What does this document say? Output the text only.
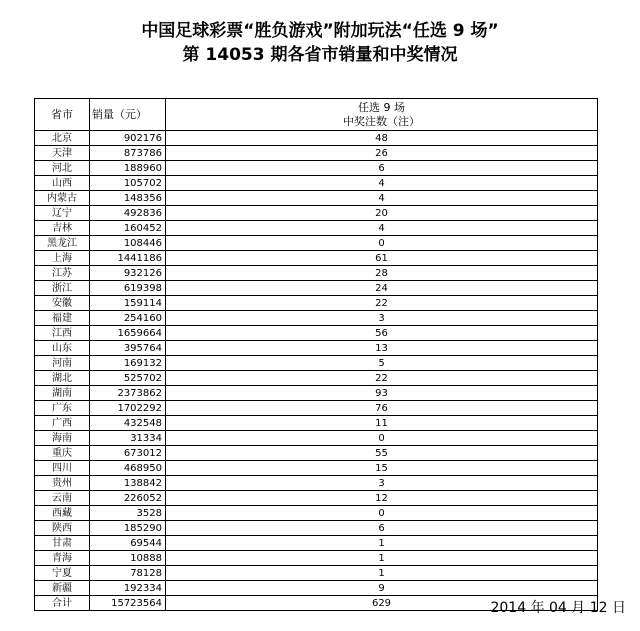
中国足球彩票“胜负游戏”附加玩法“任选 9 场”
第 14053 期各省市销量和中奖情况
省市	销量（元）	任选 9 场
中奖注数（注）

北京	902176	48
天津	873786	26
河北	188960	6
山西	105702	4
内蒙古	148356	4
辽宁	492836	20
吉林	160452	4
黑龙江	108446	0
上海	1441186	61
江苏	932126	28
浙江	619398	24
安徽	159114	22
福建	254160	3
江西	1659664	56
山东	395764	13
河南	169132	5
湖北	525702	22
湖南	2373862	93
广东	1702292	76
广西	432548	11
海南	31334	0
重庆	673012	55
四川	468950	15
贵州	138842	3
云南	226052	12
西藏	3528	0
陕西	185290	6
甘肃	69544	1
青海	10888	1
宁夏	78128	1
新疆	192334	9
合计	15723564	629	2014 年 04 月 12 日
